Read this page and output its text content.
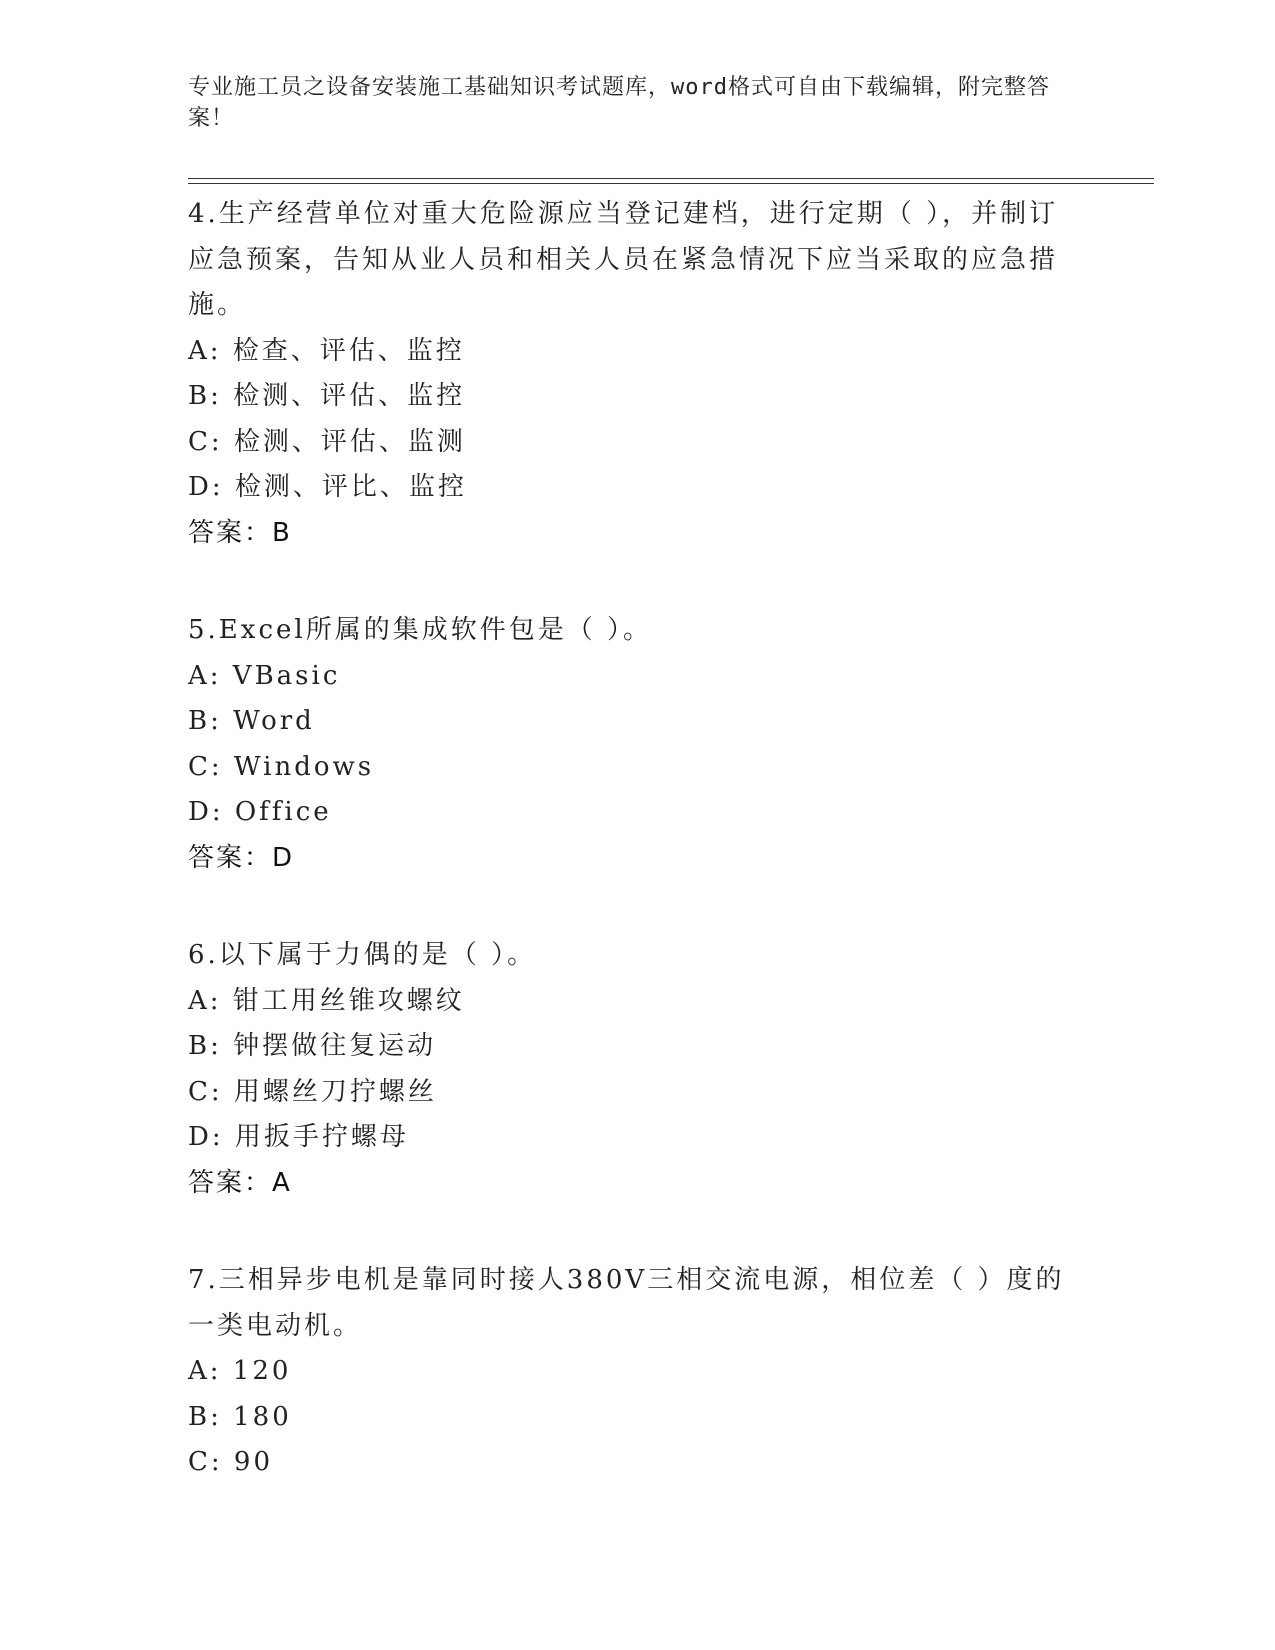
专业施工员之设备安装施工基础知识考试题库，word格式可自由下载编辑，附完整答案！

4.生产经营单位对重大危险源应当登记建档，进行定期（ ），并制订应急预案，告知从业人员和相关人员在紧急情况下应当采取的应急措施。

A: 检查、评估、监控

B: 检测、评估、监控

C: 检测、评估、监测

D: 检测、评比、监控

答案：B

5.Excel所属的集成软件包是（ ）。

A: VBasic

B: Word

C: Windows

D: Office

答案：D

6.以下属于力偶的是（ ）。

A: 钳工用丝锥攻螺纹

B: 钟摆做往复运动

C: 用螺丝刀拧螺丝

D: 用扳手拧螺母

答案：A

7.三相异步电机是靠同时接人380V三相交流电源，相位差（ ）度的一类电动机。

A: 120

B: 180

C: 90
